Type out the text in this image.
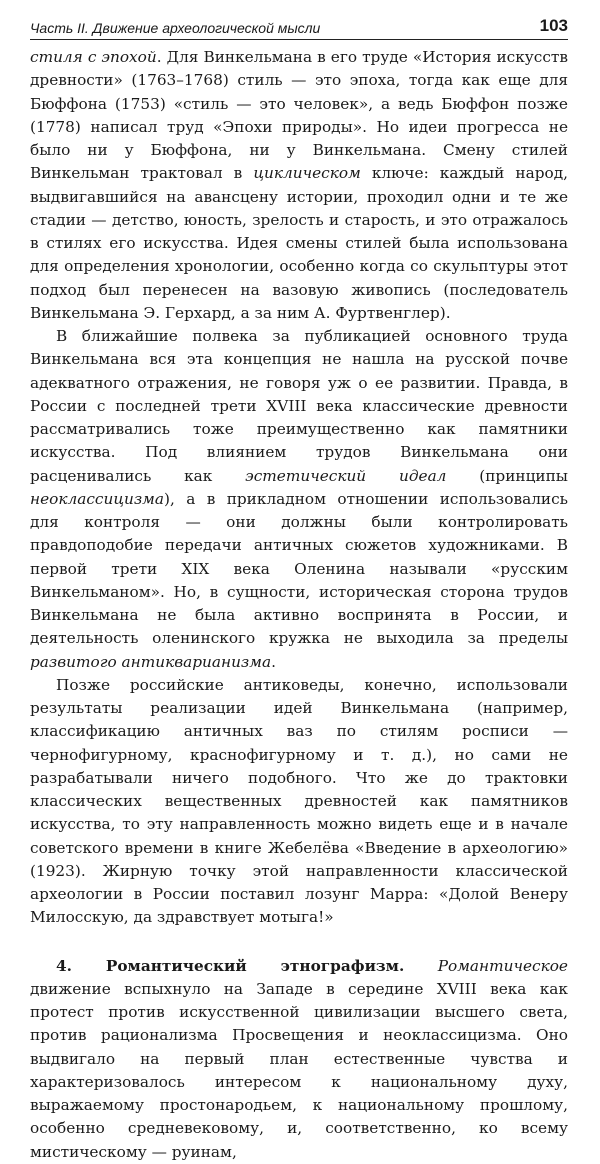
Часть II. Движение археологической мысли	103

стиля с эпохой. Для Винкельмана в его труде «История искусств древности» (1763–1768) стиль — это эпоха, тогда как еще для Бюффона (1753) «стиль — это человек», а ведь Бюффон позже (1778) написал труд «Эпохи природы». Но идеи прогресса не было ни у Бюффона, ни у Винкельмана. Смену стилей Винкельман трактовал в циклическом ключе: каждый народ, выдвигавшийся на авансцену истории, проходил одни и те же стадии — детство, юность, зрелость и старость, и это отражалось в стилях его искусства. Идея смены стилей была использована для определения хронологии, особенно когда со скульптуры этот подход был перенесен на вазовую живопись (последователь Винкельмана Э. Герхард, а за ним А. Фуртвенглер).

В ближайшие полвека за публикацией основного труда Винкельмана вся эта концепция не нашла на русской почве адекватного отражения, не говоря уж о ее развитии. Правда, в России с последней трети XVIII века классические древности рассматривались тоже преимущественно как памятники искусства. Под влиянием трудов Винкельмана они расценивались как эстетический идеал (принципы неоклассицизма), а в прикладном отношении использовались для контроля — они должны были контролировать правдоподобие передачи античных сюжетов художниками. В первой трети XIX века Оленина называли «русским Винкельманом». Но, в сущности, историческая сторона трудов Винкельмана не была активно воспринята в России, и деятельность оленинского кружка не выходила за пределы развитого антикварианизма.

Позже российские антиковеды, конечно, использовали результаты реализации идей Винкельмана (например, классификацию античных ваз по стилям росписи — чернофигурному, краснофигурному и т. д.), но сами не разрабатывали ничего подобного. Что же до трактовки классических вещественных древностей как памятников искусства, то эту направленность можно видеть еще и в начале советского времени в книге Жебелёва «Введение в археологию» (1923). Жирную точку этой направленности классической археологии в России поставил лозунг Марра: «Долой Венеру Милосскую, да здравствует мотыга!»

4. Романтический этнографизм. Романтическое движение вспыхнуло на Западе в середине XVIII века как протест против искусственной цивилизации высшего света, против рационализма Просвещения и неоклассицизма. Оно выдвигало на первый план естественные чувства и характеризовалось интересом к национальному духу, выражаемому простонародьем, к национальному прошлому, особенно средневековому, и, соответственно, ко всему мистическому — руинам,
